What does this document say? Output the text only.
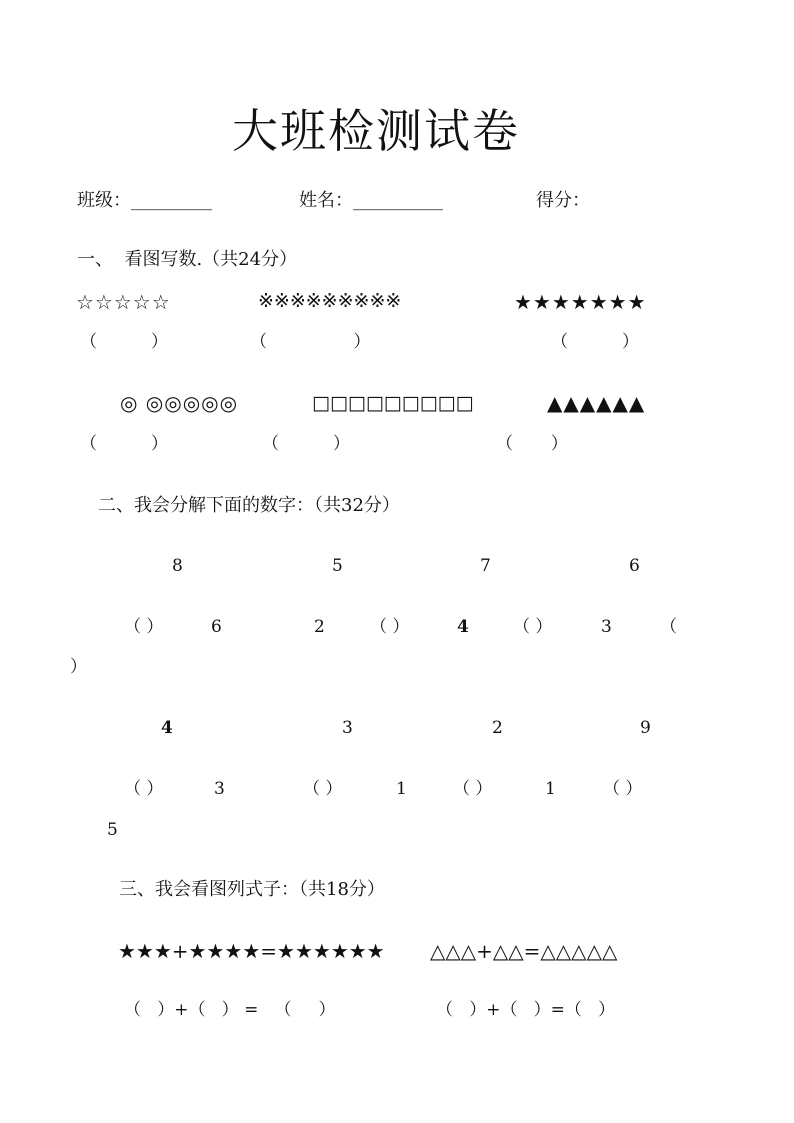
大班检测试卷
班级：_________	姓名：__________	得分：
一、  看图写数.（共24分）
☆☆☆☆☆	※※※※※※※※※	★★★★★★★
（          ）	（                ）	（          ）
◎ ◎◎◎◎◎	□□□□□□□□□	▲▲▲▲▲▲
（          ）	（          ）	（       ）
二、我会分解下面的数字：（共32分）
8	5	7	6
（ ）	6	2	（ ）	4	（ ）	3	（
）
4	3	2	9
（ ）	3	（ ）	1	（ ）	1	（ ）
5
三、我会看图列式子：（共18分）
★★★+★★★★=★★★★★★ △△△+△△=△△△△△
（   ）+（   ） =   （     ）	（   ）+（   ）=（   ）
